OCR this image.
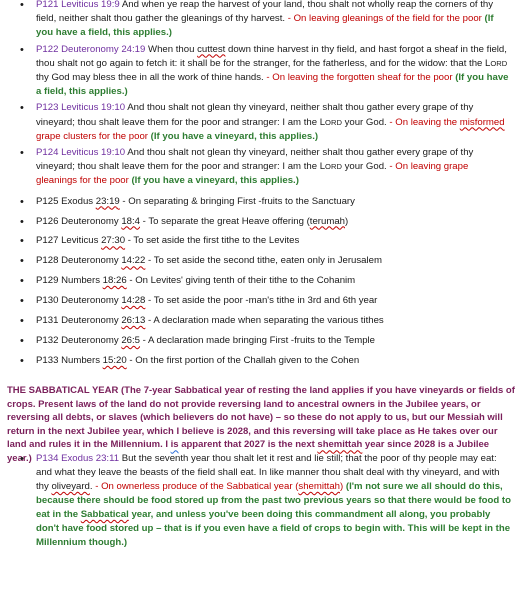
• P121 Leviticus 19:9 And when ye reap the harvest of your land, thou shalt not wholly reap the corners of thy field, neither shalt thou gather the gleanings of thy harvest. - On leaving gleanings of the field for the poor (If you have a field, this applies.)
• P122 Deuteronomy 24:19 When thou cuttest down thine harvest in thy field, and hast forgot a sheaf in the field, thou shalt not go again to fetch it: it shall be for the stranger, for the fatherless, and for the widow: that the LORD thy God may bless thee in all the work of thine hands. - On leaving the forgotten sheaf for the poor (If you have a field, this applies.)
• P123 Leviticus 19:10 And thou shalt not glean thy vineyard, neither shalt thou gather every grape of thy vineyard; thou shalt leave them for the poor and stranger: I am the LORD your God. - On leaving the misformed grape clusters for the poor (If you have a vineyard, this applies.)
• P124 Leviticus 19:10 And thou shalt not glean thy vineyard, neither shalt thou gather every grape of thy vineyard; thou shalt leave them for the poor and stranger: I am the LORD your God. - On leaving grape gleanings for the poor (If you have a vineyard, this applies.)
• P125 Exodus 23:19 - On separating & bringing First -fruits to the Sanctuary
• P126 Deuteronomy 18:4 - To separate the great Heave offering (terumah)
• P127 Leviticus 27:30 - To set aside the first tithe to the Levites
• P128 Deuteronomy 14:22 - To set aside the second tithe, eaten only in Jerusalem
• P129 Numbers 18:26 - On Levites' giving tenth of their tithe to the Cohanim
• P130 Deuteronomy 14:28 - To set aside the poor -man's tithe in 3rd and 6th year
• P131 Deuteronomy 26:13 - A declaration made when separating the various tithes
• P132 Deuteronomy 26:5 - A declaration made bringing First -fruits to the Temple
• P133 Numbers 15:20 - On the first portion of the Challah given to the Cohen
THE SABBATICAL YEAR (The 7-year Sabbatical year of resting the land applies if you have vineyards or fields of crops. Present laws of the land do not provide reversing land to ancestral owners in the Jubilee years, or reversing all debts, or slaves (which believers do not have) – so these do not apply to us, but our Messiah will return in the next Jubilee year, which I believe is 2028, and this reversing will take place as He takes over our land and rules it in the Millennium. I is apparent that 2027 is the next shemittah year since 2028 is a Jubilee year.)
• P134 Exodus 23:11 But the seventh year thou shalt let it rest and lie still; that the poor of thy people may eat: and what they leave the beasts of the field shall eat. In like manner thou shalt deal with thy vineyard, and with thy oliveyard. - On ownerless produce of the Sabbatical year (shemittah) (I'm not sure we all should do this, because there should be food stored up from the past two previous years so that there would be food to eat in the Sabbatical year, and unless you've been doing this commandment all along, you probably don't have food stored up – that is if you even have a field of crops to begin with. This will be kept in the Millennium though.)
